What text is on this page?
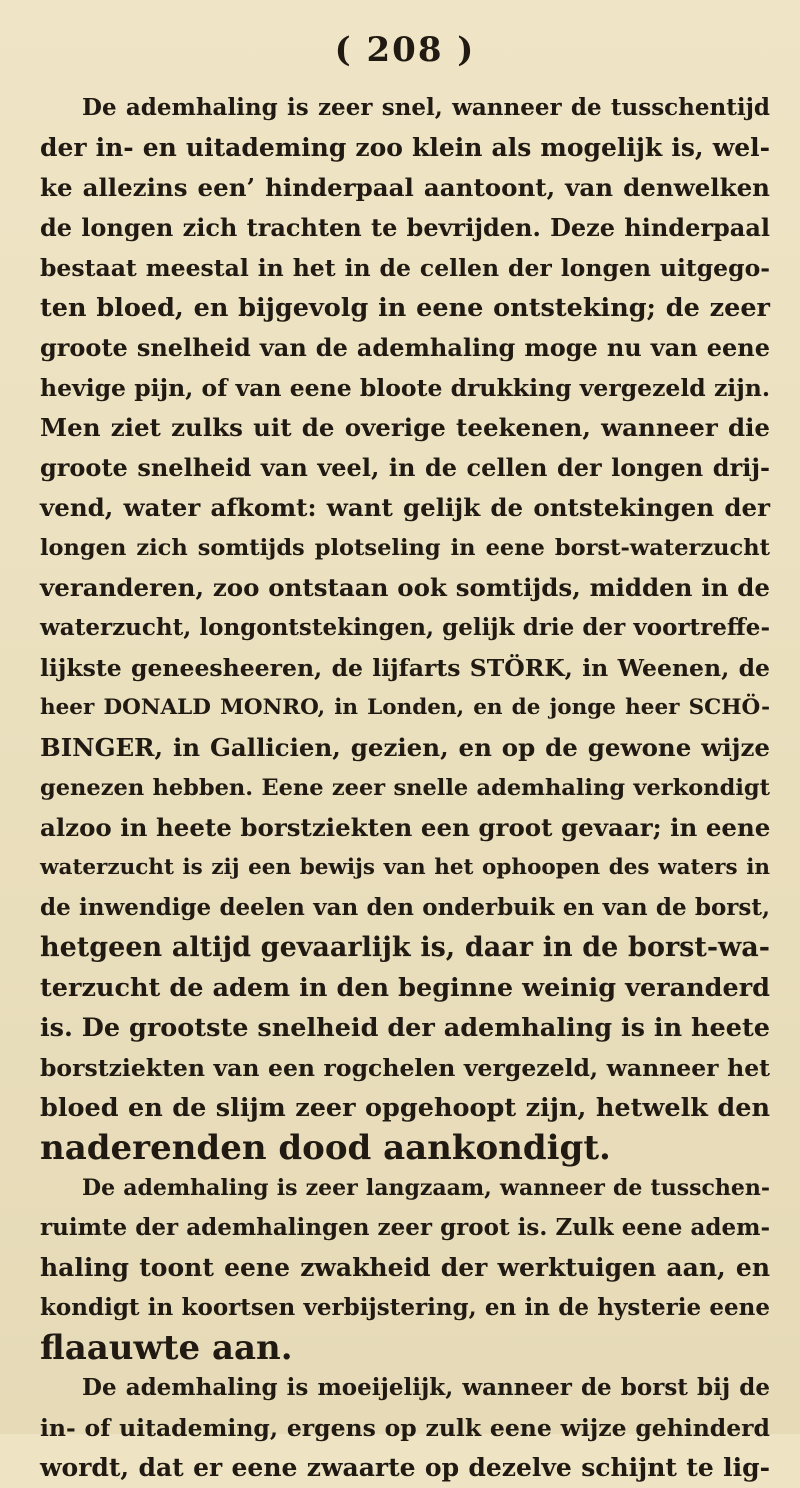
( 208 )
De ademhaling is zeer snel, wanneer de tusschentijd
der in- en uitademing zoo klein als mogelijk is, wel-
ke allezins een’ hinderpaal aantoont, van denwelken
de longen zich trachten te bevrijden. Deze hinderpaal
bestaat meestal in het in de cellen der longen uitgego-
ten bloed, en bijgevolg in eene ontsteking; de zeer
groote snelheid van de ademhaling moge nu van eene
hevige pijn, of van eene bloote drukking vergezeld zijn.
Men ziet zulks uit de overige teekenen, wanneer die
groote snelheid van veel, in de cellen der longen drij-
vend, water afkomt: want gelijk de ontstekingen der
longen zich somtijds plotseling in eene borst-waterzucht
veranderen, zoo ontstaan ook somtijds, midden in de
waterzucht, longontstekingen, gelijk drie der voortreffe-
lijkste geneesheeren, de lijfarts STÖRK, in Weenen, de
heer DONALD MONRO, in Londen, en de jonge heer SCHÖ-
BINGER, in Gallicien, gezien, en op de gewone wijze
genezen hebben. Eene zeer snelle ademhaling verkondigt
alzoo in heete borstziekten een groot gevaar; in eene
waterzucht is zij een bewijs van het ophoopen des waters in
de inwendige deelen van den onderbuik en van de borst,
hetgeen altijd gevaarlijk is, daar in de borst-wa-
terzucht de adem in den beginne weinig veranderd
is. De grootste snelheid der ademhaling is in heete
borstziekten van een rogchelen vergezeld, wanneer het
bloed en de slijm zeer opgehoopt zijn, hetwelk den
naderenden dood aankondigt.
De ademhaling is zeer langzaam, wanneer de tusschen-
ruimte der ademhalingen zeer groot is. Zulk eene adem-
haling toont eene zwakheid der werktuigen aan, en
kondigt in koortsen verbijstering, en in de hysterie eene
flaauwte aan.
De ademhaling is moeijelijk, wanneer de borst bij de
in- of uitademing, ergens op zulk eene wijze gehinderd
wordt, dat er eene zwaarte op dezelve schijnt te lig-
